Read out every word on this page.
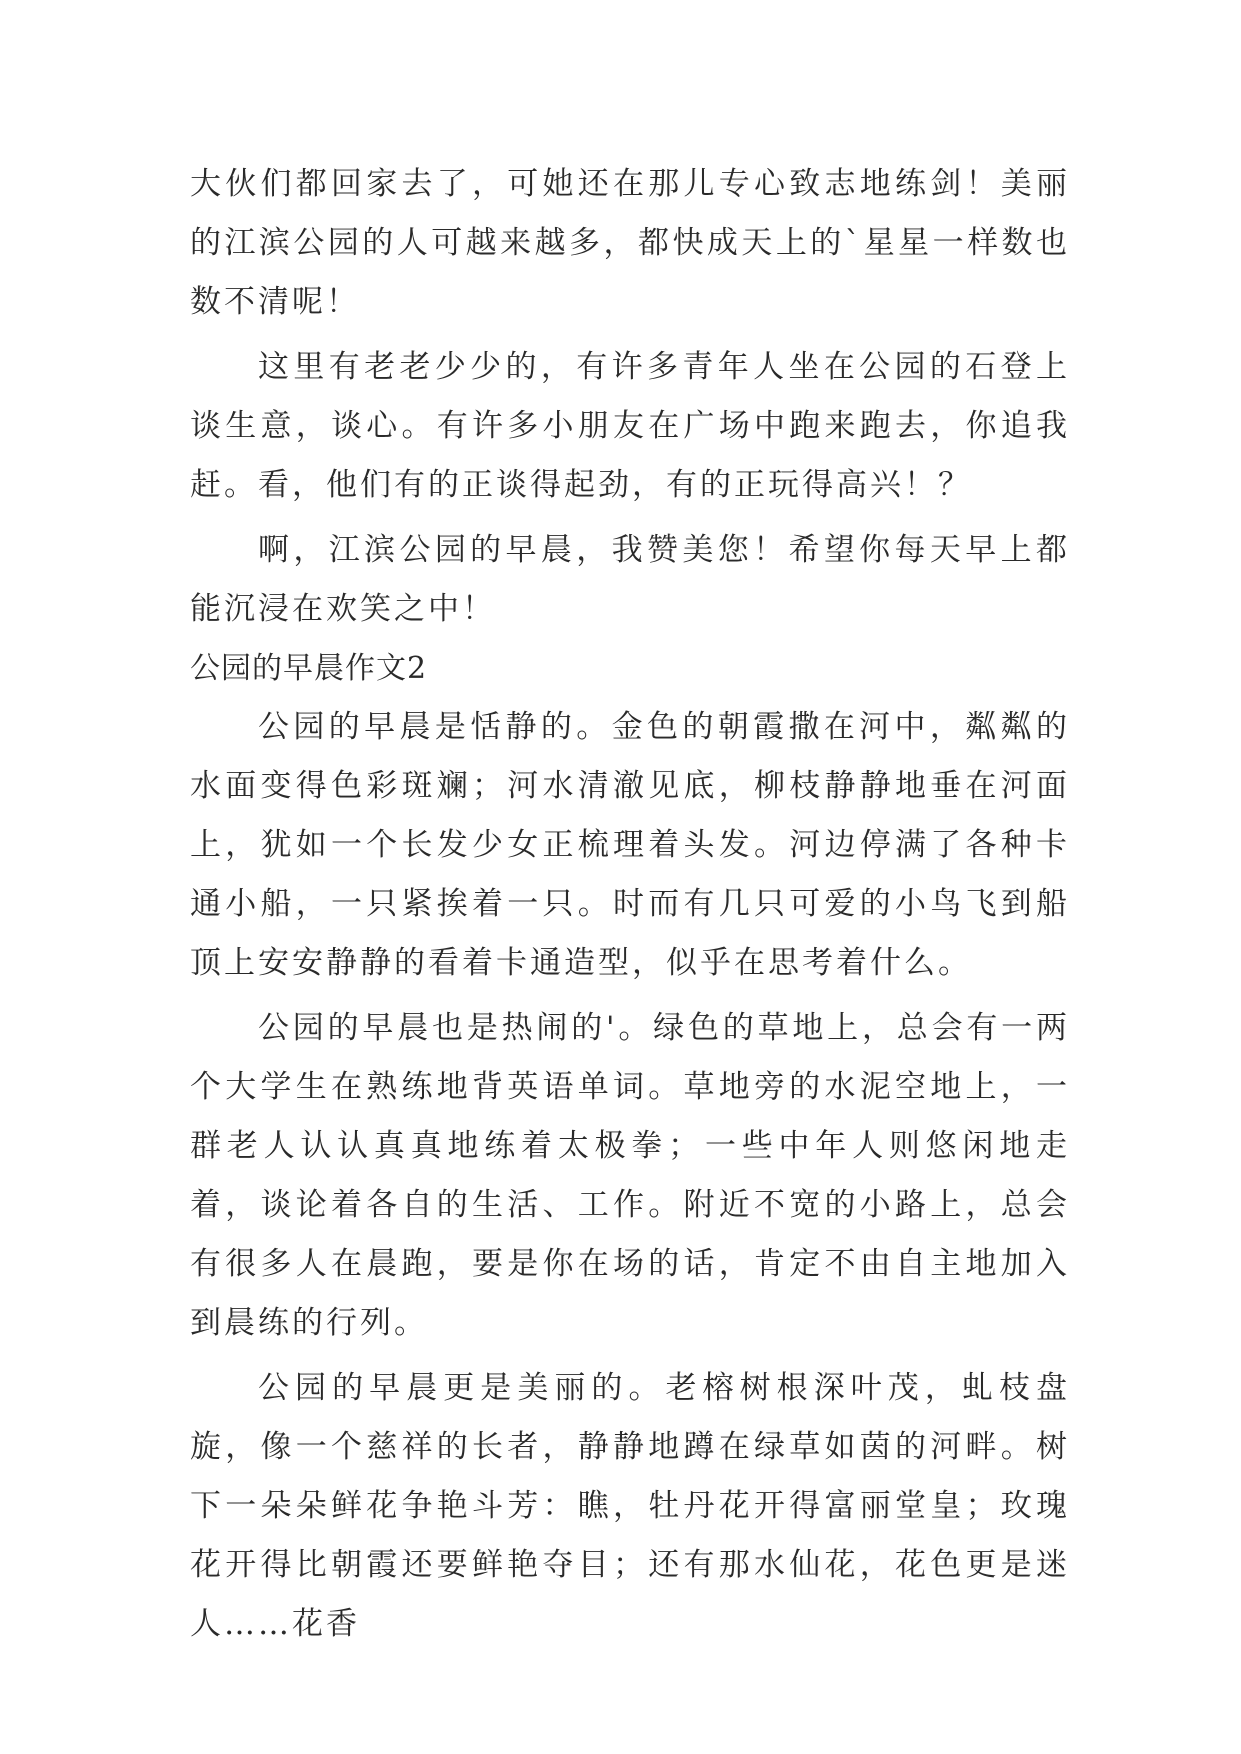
大伙们都回家去了，可她还在那儿专心致志地练剑！美丽的江滨公园的人可越来越多，都快成天上的`星星一样数也数不清呢！

这里有老老少少的，有许多青年人坐在公园的石登上谈生意，谈心。有许多小朋友在广场中跑来跑去，你追我赶。看，他们有的正谈得起劲，有的正玩得高兴！？

啊，江滨公园的早晨，我赞美您！希望你每天早上都能沉浸在欢笑之中！

公园的早晨作文2

公园的早晨是恬静的。金色的朝霞撒在河中，粼粼的水面变得色彩斑斓；河水清澈见底，柳枝静静地垂在河面上，犹如一个长发少女正梳理着头发。河边停满了各种卡通小船，一只紧挨着一只。时而有几只可爱的小鸟飞到船顶上安安静静的看着卡通造型，似乎在思考着什么。

公园的早晨也是热闹的'。绿色的草地上，总会有一两个大学生在熟练地背英语单词。草地旁的水泥空地上，一群老人认认真真地练着太极拳；一些中年人则悠闲地走着，谈论着各自的生活、工作。附近不宽的小路上，总会有很多人在晨跑，要是你在场的话，肯定不由自主地加入到晨练的行列。

公园的早晨更是美丽的。老榕树根深叶茂，虬枝盘旋，像一个慈祥的长者，静静地蹲在绿草如茵的河畔。树下一朵朵鲜花争艳斗芳：瞧，牡丹花开得富丽堂皇；玫瑰花开得比朝霞还要鲜艳夺目；还有那水仙花，花色更是迷人……花香
